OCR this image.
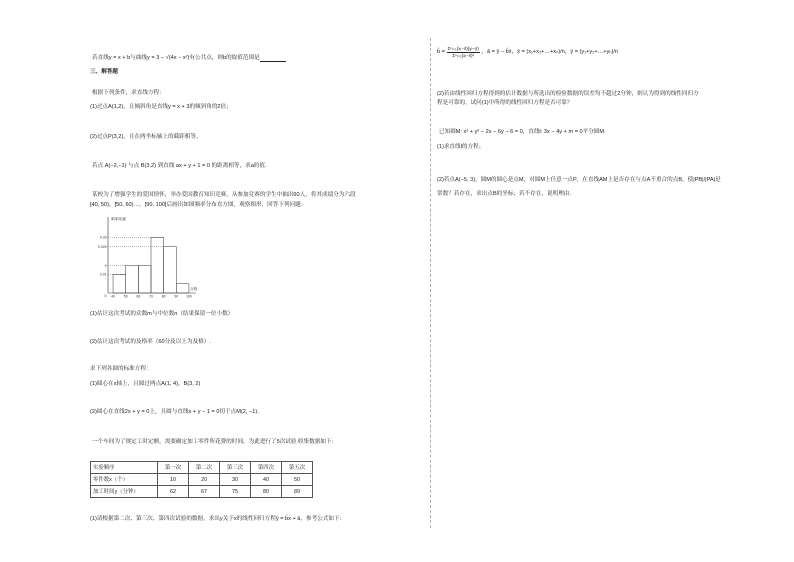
若直线y = x + b与曲线y = 3 − √(4x − x²)有公共点，则b的取值范围是
三、解答题
根据下列条件，求直线方程：
(1)过点A(1,2)，且倾斜角是直线y = x + 3的倾斜角的2倍；
(2)过点P(3,2)，且在两坐标轴上的截距相等。
若点 A(−2,−1) 与点 B(3,2) 到直线 ax + y + 1 = 0 的距离相等，求a的值.
某校为了增强学生的爱国情怀，举办爱国教育知识竞赛，从参加竞赛的学生中抽出60人，将其成绩分为六段
[40, 50)，[50, 60)…，[90, 100]后画出如图频率分布直方图，观察图形，回答下列问题：
频率/组距
分数
0
0.03
0.025
a
0.01
40	50	60	70	80	90 100
(1)估计这次考试的众数m与中位数n（结果保留一位小数）
(2)估计这次考试的及格率（60分及以上为及格）.
求下列各圆的标准方程：
(1)圆心在x轴上，且圆过两点A(1, 4)，B(3, 2)
(2)圆心在直线2x + y = 0上，且圆与直线x + y − 1 = 0切于点M(2, −1).
一个车间为了规定工时定额，需要确定加工零件所花费的时间，为此进行了5次试验.收集数据如下：
实验顺序	第一次	第二次	第三次	第四次	第五次
零件数x（个）	10	20	30	40	50
加工时间y（分钟）	62	67	75	80	89
(1)请根据第二次、第三次、第四次试验的数据，求出y关于x的线性回归方程ŷ = b̂x + â，参考公式如下：
b̂ =
Σⁿᵢ₌₁(xᵢ−x̄)(yᵢ−ȳ)
Σⁿᵢ₌₁(xᵢ−x̄)²
，â = ȳ − b̂x̄，x̄ = (x₁+x₂+…+xₙ)/n，ȳ = (y₁+y₂+…+yₙ)/n
(2)若由线性回归方程得到的估计数据与所选出的检验数据的误差均不超过2分钟，则认为得到的线性回归方
程是可靠的，试问(1)中所得的线性回归方程是否可靠？
已知圆M: x² + y² − 2x − 6y − 6 = 0，直线l: 3x − 4y + m = 0平分圆M.
(1)求直线l的方程；
(2)若点A(−5, 3)，圆M的圆心是点M，对圆M上任意一点P，在直线AM上是否存在与点A不重合的点B，使|PB|/|PA|是
常数？若存在，求出点B的坐标；若不存在，说明理由.
